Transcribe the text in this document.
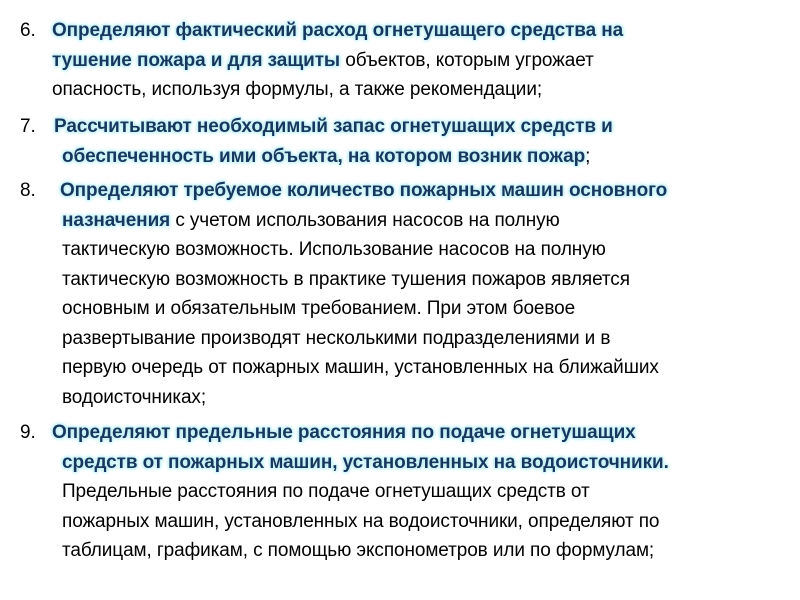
6. Определяют фактический расход огнетушащего средства на
тушение пожара и для защиты объектов, которым угрожает
опасность, используя формулы, а также рекомендации;
7. Рассчитывают необходимый запас огнетушащих средств и
обеспеченность ими объекта, на котором возник пожар;
8. Определяют требуемое количество пожарных машин основного
назначения с учетом использования насосов на полную
тактическую возможность. Использование насосов на полную
тактическую возможность в практике тушения пожаров является
основным и обязательным требованием. При этом боевое
развертывание производят несколькими подразделениями и в
первую очередь от пожарных машин, установленных на ближайших
водоисточниках;
9. Определяют предельные расстояния по подаче огнетушащих
средств от пожарных машин, установленных на водоисточники.
Предельные расстояния по подаче огнетушащих средств от
пожарных машин, установленных на водоисточники, определяют по
таблицам, графикам, с помощью экспонометров или по формулам;
